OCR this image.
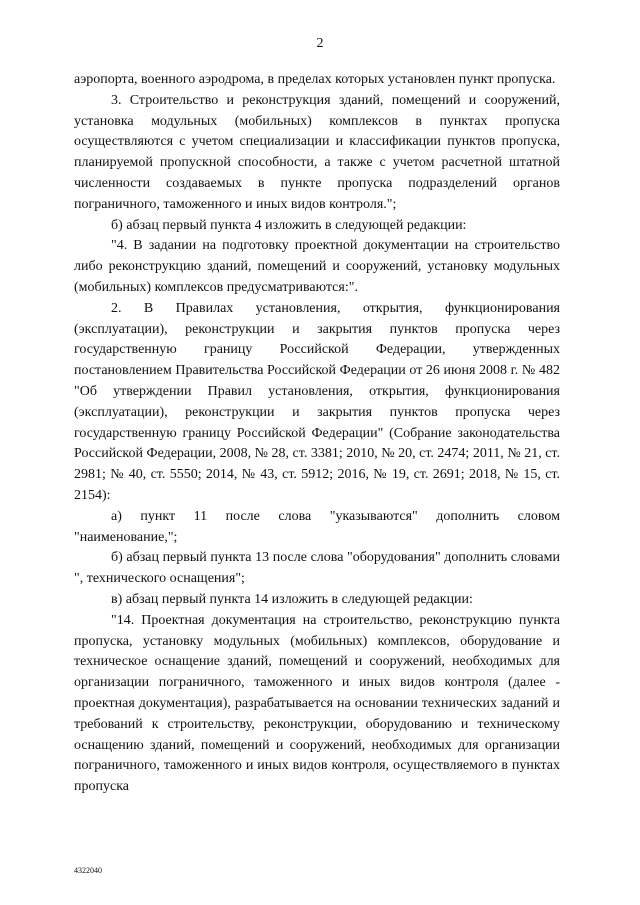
2

аэропорта, военного аэродрома, в пределах которых установлен пункт пропуска.

3. Строительство и реконструкция зданий, помещений и сооружений, установка модульных (мобильных) комплексов в пунктах пропуска осуществляются с учетом специализации и классификации пунктов пропуска, планируемой пропускной способности, а также с учетом расчетной штатной численности создаваемых в пункте пропуска подразделений органов пограничного, таможенного и иных видов контроля.";

б) абзац первый пункта 4 изложить в следующей редакции:

"4. В задании на подготовку проектной документации на строительство либо реконструкцию зданий, помещений и сооружений, установку модульных (мобильных) комплексов предусматриваются:".

2. В Правилах установления, открытия, функционирования (эксплуатации), реконструкции и закрытия пунктов пропуска через государственную границу Российской Федерации, утвержденных постановлением Правительства Российской Федерации от 26 июня 2008 г. № 482 "Об утверждении Правил установления, открытия, функционирования (эксплуатации), реконструкции и закрытия пунктов пропуска через государственную границу Российской Федерации" (Собрание законодательства Российской Федерации, 2008, № 28, ст. 3381; 2010, № 20, ст. 2474; 2011, № 21, ст. 2981; № 40, ст. 5550; 2014, № 43, ст. 5912; 2016, № 19, ст. 2691; 2018, № 15, ст. 2154):

а) пункт 11 после слова "указываются" дополнить словом "наименование,";

б) абзац первый пункта 13 после слова "оборудования" дополнить словами ", технического оснащения";

в) абзац первый пункта 14 изложить в следующей редакции:

"14. Проектная документация на строительство, реконструкцию пункта пропуска, установку модульных (мобильных) комплексов, оборудование и техническое оснащение зданий, помещений и сооружений, необходимых для организации пограничного, таможенного и иных видов контроля (далее - проектная документация), разрабатывается на основании технических заданий и требований к строительству, реконструкции, оборудованию и техническому оснащению зданий, помещений и сооружений, необходимых для организации пограничного, таможенного и иных видов контроля, осуществляемого в пунктах пропуска

4322040
